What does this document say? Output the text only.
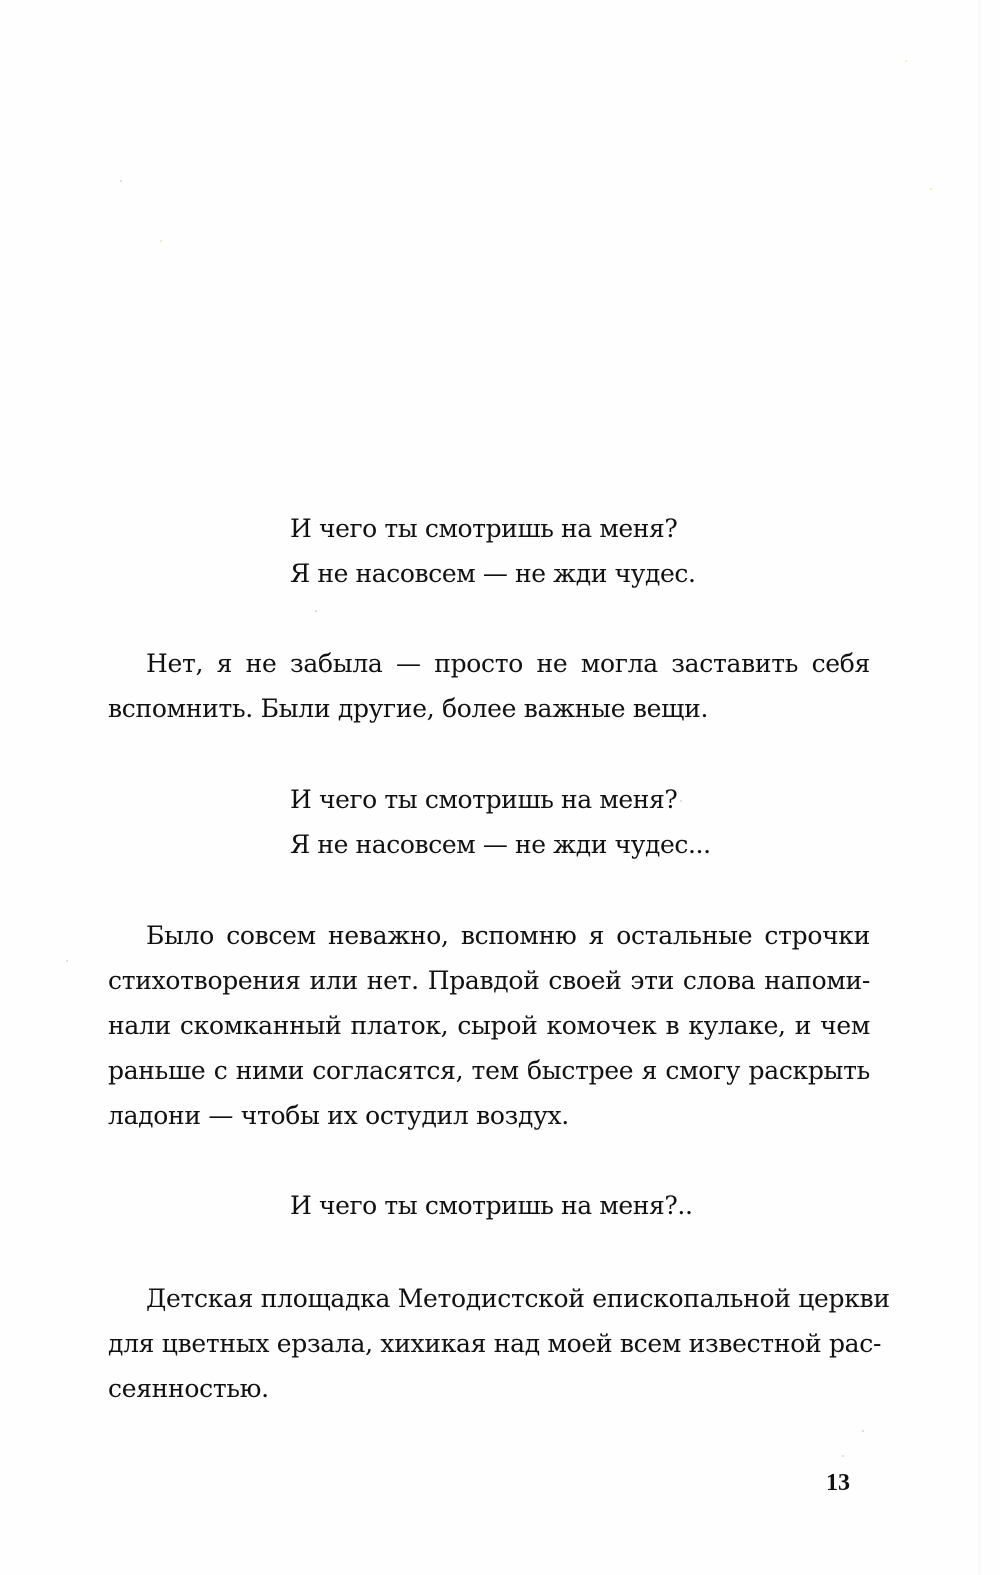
И чего ты смотришь на меня?
Я не насовсем — не жди чудес.

Нет, я не забыла — просто не могла заставить себя
вспомнить. Были другие, более важные вещи.

И чего ты смотришь на меня?
Я не насовсем — не жди чудес...

Было совсем неважно, вспомню я остальные строчки
стихотворения или нет. Правдой своей эти слова напоми-
нали скомканный платок, сырой комочек в кулаке, и чем
раньше с ними согласятся, тем быстрее я смогу раскрыть
ладони — чтобы их остудил воздух.

И чего ты смотришь на меня?..

Детская площадка Методистской епископальной церкви
для цветных ерзала, хихикая над моей всем известной рас-
сеянностью.

13
